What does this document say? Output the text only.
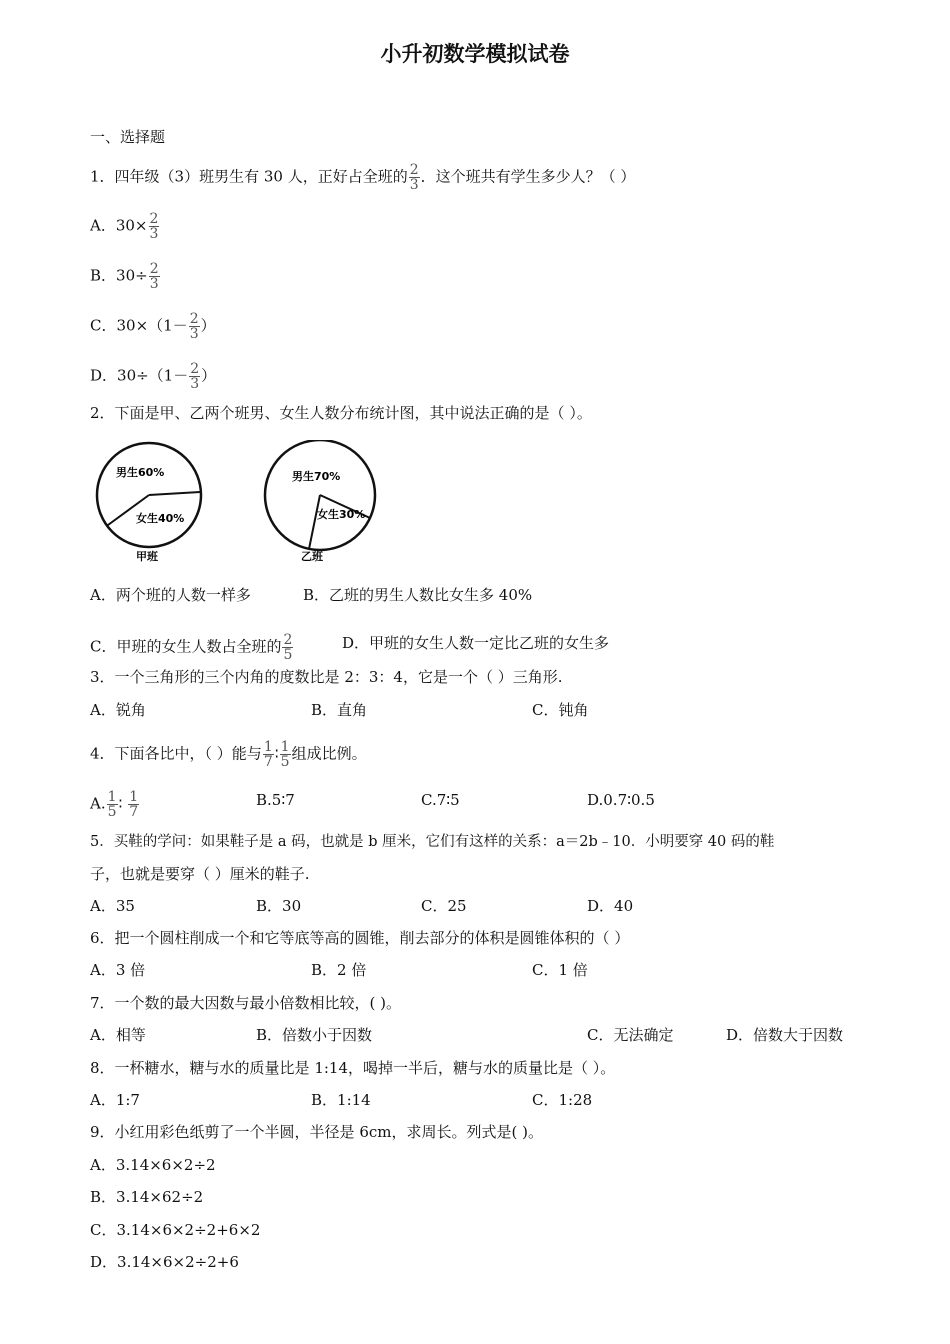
小升初数学模拟试卷
一、选择题
1．四年级（3）班男生有 30 人，正好占全班的 $\frac{2}{3}$ ．这个班共有学生多少人？（ ）
A．$30\times \frac{2}{3}$
B．$30\div \frac{2}{3}$
C．$30\times(1- \frac{2}{3}$ ）
D．$30\div(1- \frac{2}{3}$ ）
2．下面是甲、乙两个班男、女生人数分布统计图，其中说法正确的是（ ）。
男生60%
女生40%
甲班
男生70%
女生30%
乙班
A．两个班的人数一样多	B．乙班的男生人数比女生多 40%
C．甲班的女生人数占全班的 $\frac{2}{5}$	D．甲班的女生人数一定比乙班的女生多
3．一个三角形的三个内角的度数比是 2：3：4，它是一个（ ）三角形.
A．锐角	B．直角	C．钝角
4．下面各比中，（ ）能与 $\frac{1}{7}$ ∶ $\frac{1}{5}$ 组成比例。
A. $\frac{1}{5}$ ∶ $\frac{1}{7}$	B.5∶7	C.7∶5	D.0.7∶0.5
5．买鞋的学问：如果鞋子是 a 码，也就是 b 厘米，它们有这样的关系：a＝2b﹣10．小明要穿 40 码的鞋
子，也就是要穿（ ）厘米的鞋子.
A．35	B．30	C．25	D．40
6．把一个圆柱削成一个和它等底等高的圆锥，削去部分的体积是圆锥体积的（ ）
A．3 倍	B．2 倍	C．1 倍
7．一个数的最大因数与最小倍数相比较，( )。
A．相等	B．倍数小于因数	C．无法确定	D．倍数大于因数
8．一杯糖水，糖与水的质量比是 1:14，喝掉一半后，糖与水的质量比是（ ）。
A．1:7	B．1:14	C．1:28
9．小红用彩色纸剪了一个半圆，半径是 6cm，求周长。列式是( )。
A．3.14×6×2÷2
B．3.14×62÷2
C．3.14×6×2÷2+6×2
D．3.14×6×2÷2+6
